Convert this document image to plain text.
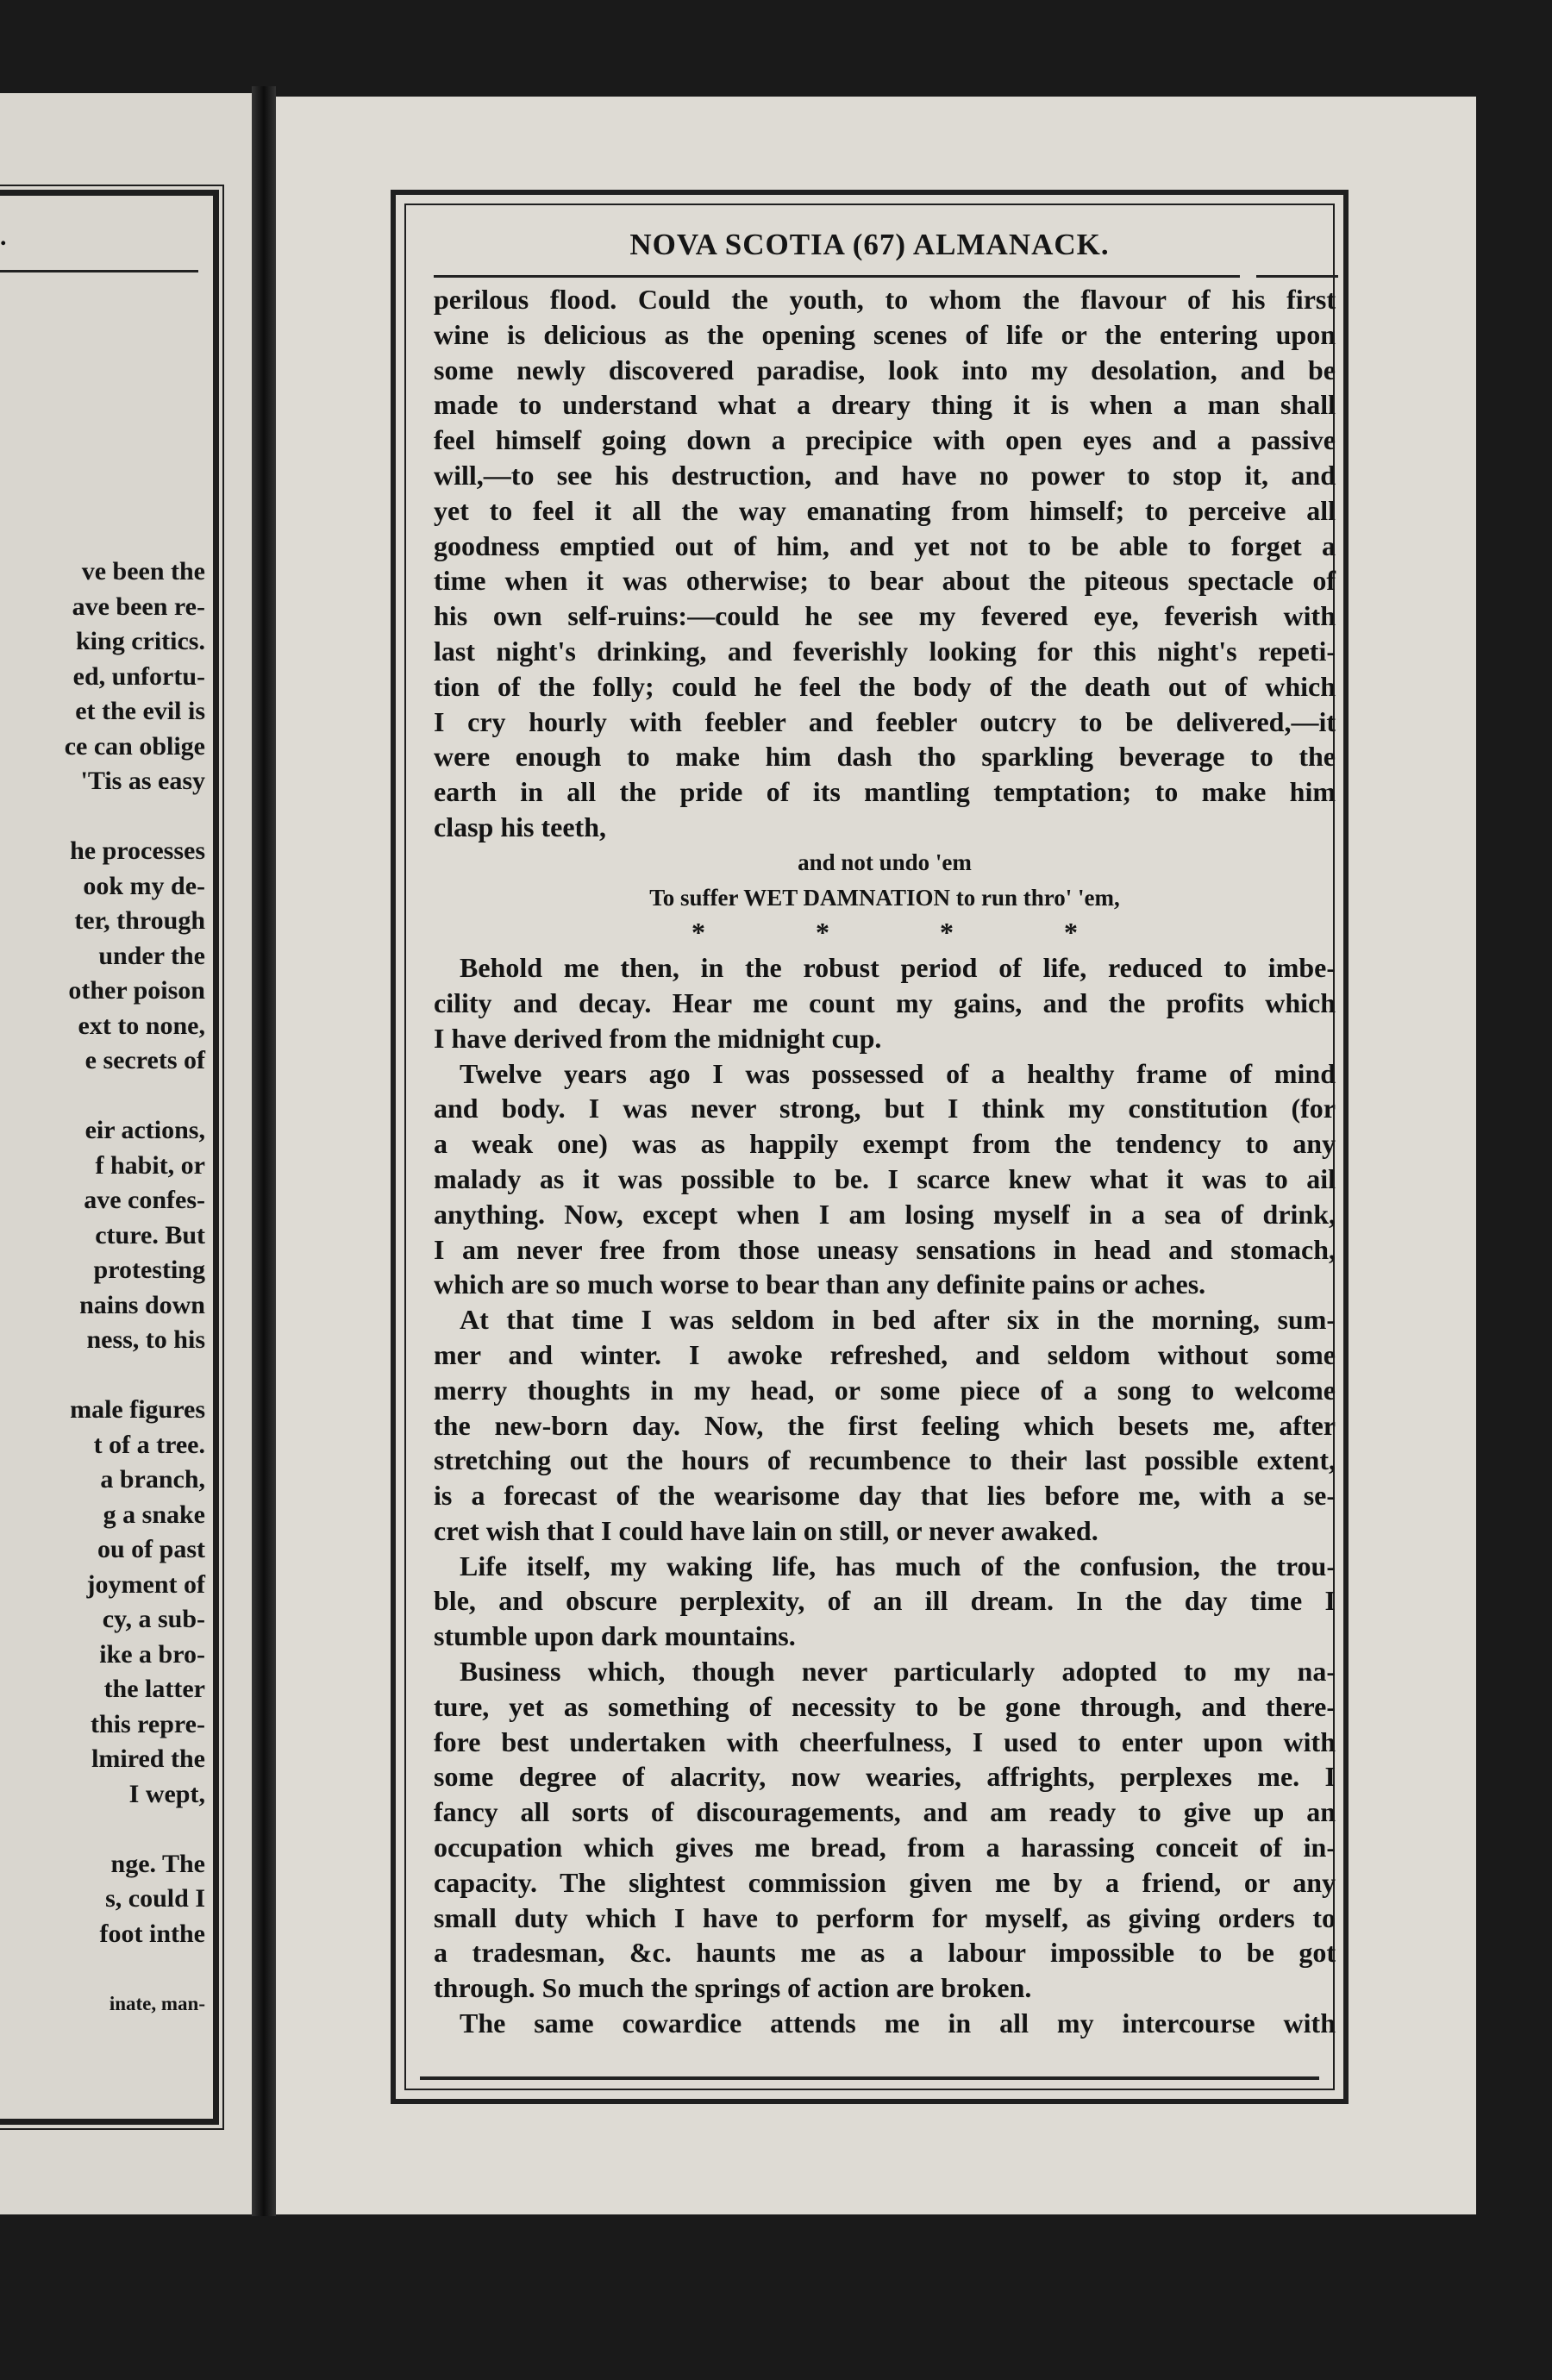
.
ve been the
ave been re-
king critics.
ed, unfortu-
et the evil is
ce can oblige
'Tis as easy
he processes
ook my de-
ter, through
under the
other poison
ext to none,
e secrets of
eir actions,
f habit, or
ave confes-
cture. But
protesting
nains down
ness, to his
male figures
t of a tree.
a branch,
g a snake
ou of past
joyment of
cy, a sub-
ike a bro-
the latter
this repre-
lmired the
I wept,
nge. The
s, could I
foot inthe
inate, man-
NOVA SCOTIA (67) ALMANACK.
perilous flood. Could the youth, to whom the flavour of his first
wine is delicious as the opening scenes of life or the entering upon
some newly discovered paradise, look into my desolation, and be
made to understand what a dreary thing it is when a man shall
feel himself going down a precipice with open eyes and a passive
will,—to see his destruction, and have no power to stop it, and
yet to feel it all the way emanating from himself; to perceive all
goodness emptied out of him, and yet not to be able to forget a
time when it was otherwise; to bear about the piteous spectacle of
his own self-ruins:—could he see my fevered eye, feverish with
last night's drinking, and feverishly looking for this night's repeti-
tion of the folly; could he feel the body of the death out of which
I cry hourly with feebler and feebler outcry to be delivered,—it
were enough to make him dash tho sparkling beverage to the
earth in all the pride of its mantling temptation; to make him
clasp his teeth,
and not undo 'em
To suffer WET DAMNATION to run thro' 'em,
* * * *
Behold me then, in the robust period of life, reduced to imbe-
cility and decay. Hear me count my gains, and the profits which
I have derived from the midnight cup.
Twelve years ago I was possessed of a healthy frame of mind
and body. I was never strong, but I think my constitution (for
a weak one) was as happily exempt from the tendency to any
malady as it was possible to be. I scarce knew what it was to ail
anything. Now, except when I am losing myself in a sea of drink,
I am never free from those uneasy sensations in head and stomach,
which are so much worse to bear than any definite pains or aches.
At that time I was seldom in bed after six in the morning, sum-
mer and winter. I awoke refreshed, and seldom without some
merry thoughts in my head, or some piece of a song to welcome
the new-born day. Now, the first feeling which besets me, after
stretching out the hours of recumbence to their last possible extent,
is a forecast of the wearisome day that lies before me, with a se-
cret wish that I could have lain on still, or never awaked.
Life itself, my waking life, has much of the confusion, the trou-
ble, and obscure perplexity, of an ill dream. In the day time I
stumble upon dark mountains.
Business which, though never particularly adopted to my na-
ture, yet as something of necessity to be gone through, and there-
fore best undertaken with cheerfulness, I used to enter upon with
some degree of alacrity, now wearies, affrights, perplexes me. I
fancy all sorts of discouragements, and am ready to give up an
occupation which gives me bread, from a harassing conceit of in-
capacity. The slightest commission given me by a friend, or any
small duty which I have to perform for myself, as giving orders to
a tradesman, &c. haunts me as a labour impossible to be got
through. So much the springs of action are broken.
The same cowardice attends me in all my intercourse with
